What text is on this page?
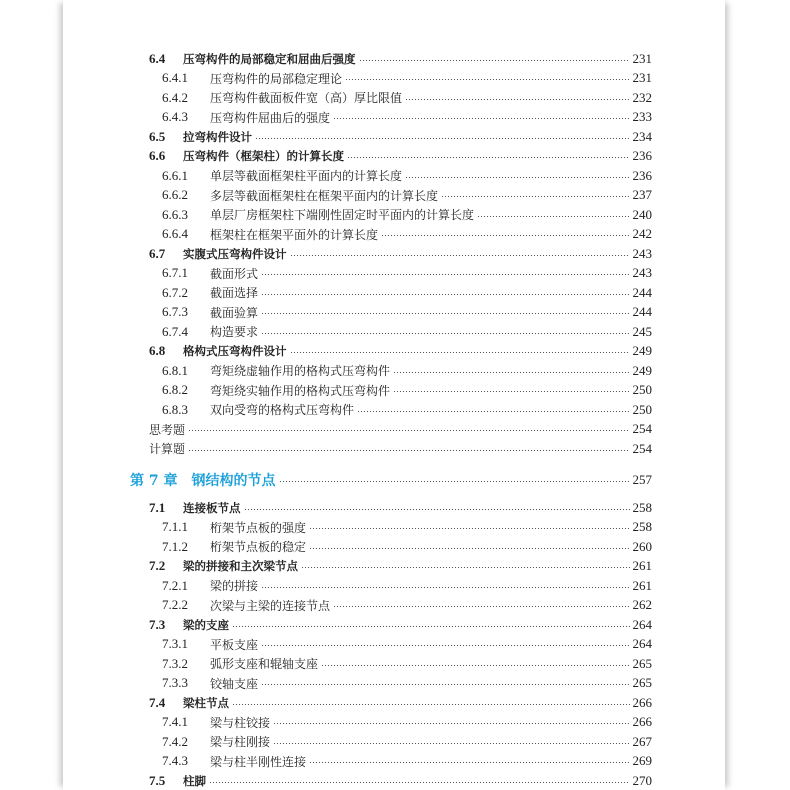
6.4	压弯构件的局部稳定和屈曲后强度	231
6.4.1	压弯构件的局部稳定理论	231
6.4.2	压弯构件截面板件宽（高）厚比限值	232
6.4.3	压弯构件屈曲后的强度	233
6.5	拉弯构件设计	234
6.6	压弯构件（框架柱）的计算长度	236
6.6.1	单层等截面框架柱平面内的计算长度	236
6.6.2	多层等截面框架柱在框架平面内的计算长度	237
6.6.3	单层厂房框架柱下端刚性固定时平面内的计算长度	240
6.6.4	框架柱在框架平面外的计算长度	242
6.7	实腹式压弯构件设计	243
6.7.1	截面形式	243
6.7.2	截面选择	244
6.7.3	截面验算	244
6.7.4	构造要求	245
6.8	格构式压弯构件设计	249
6.8.1	弯矩绕虚轴作用的格构式压弯构件	249
6.8.2	弯矩绕实轴作用的格构式压弯构件	250
6.8.3	双向受弯的格构式压弯构件	250
思考题	254
计算题	254
第 7 章 钢结构的节点	257
7.1	连接板节点	258
7.1.1	桁架节点板的强度	258
7.1.2	桁架节点板的稳定	260
7.2	梁的拼接和主次梁节点	261
7.2.1	梁的拼接	261
7.2.2	次梁与主梁的连接节点	262
7.3	梁的支座	264
7.3.1	平板支座	264
7.3.2	弧形支座和辊轴支座	265
7.3.3	铰轴支座	265
7.4	梁柱节点	266
7.4.1	梁与柱铰接	266
7.4.2	梁与柱刚接	267
7.4.3	梁与柱半刚性连接	269
7.5	柱脚	270
